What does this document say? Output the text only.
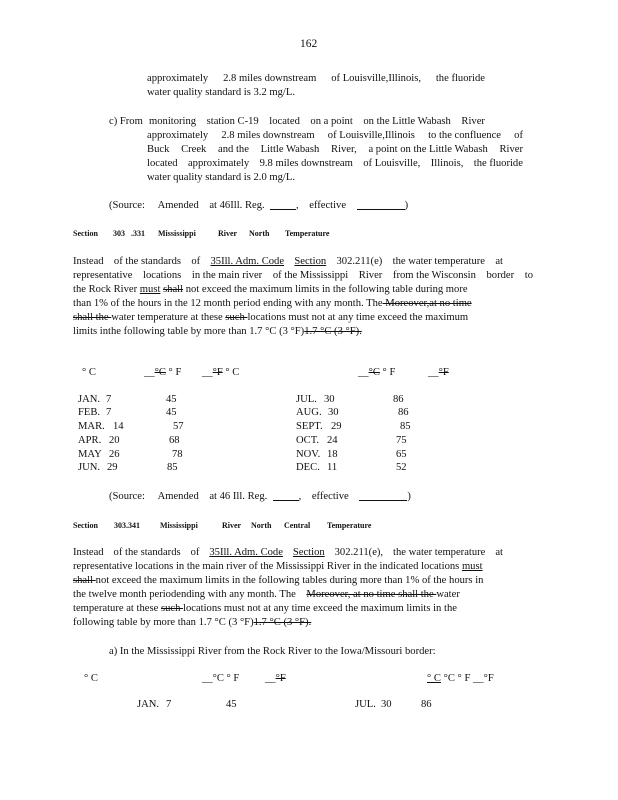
162
approximately 2.8 miles downstream of Louisville,Illinois, the fluoride
water quality standard is 3.2 mg/L.
c) From monitoring station C-19 located on a point on the Little Wabash River
approximately 2.8 miles downstream of Louisville,Illinois to the confluence of
Buck Creek and the Little Wabash River, a point on the Little Wabash River
located approximately 9.8 miles downstream of Louisville, Illinois, the fluoride
water quality standard is 2.0 mg/L.
(Source: Amended at 46Ill. Reg.	, effective	)
Section 303 .331 Mississippi	River North Temperature
Instead of the standards of 35Ill. Adm. Code Section 302.211(e) the water temperature at
representative locations in the main river of the Mississippi River from the Wisconsin border to
the Rock River must shall not exceed the maximum limits in the following table during more
than 1% of the hours in the 12 month period ending with any month. The Moreover,at no time
shall the water temperature at these such locations must not at any time exceed the maximum
limits inthe following table by more than 1.7 °C (3 °F)1.7 °C (3 °F).
° C	__°C ° F __°F ° C	__°C ° F	__°F
JAN. 7	45	JUL. 30	86
FEB. 7	45	AUG. 30	86
MAR. 14	57	SEPT. 29	85
APR. 20	68	OCT. 24	75
MAY 26	78	NOV. 18	65
JUN. 29	85	DEC. 11	52
(Source: Amended at 46 Ill. Reg.	, effective	)
Section 303.341	Mississippi	River North Central Temperature
Instead of the standards of 35Ill. Adm. Code Section 302.211(e), the water temperature at
representative locations in the main river of the Mississippi River in the indicated locations must
shall not exceed the maximum limits in the following tables during more than 1% of the hours in
the twelve month periodending with any month. The Moreover, at no time shall the water
temperature at these such locations must not at any time exceed the maximum limits in the
following table by more than 1.7 °C (3 °F)1.7 °C (3 °F).
a) In the Mississippi River from the Rock River to the Iowa/Missouri border:
° C	__°C ° F __°F	° C °C ° F __°F
JAN. 7	45	JUL. 30	86
